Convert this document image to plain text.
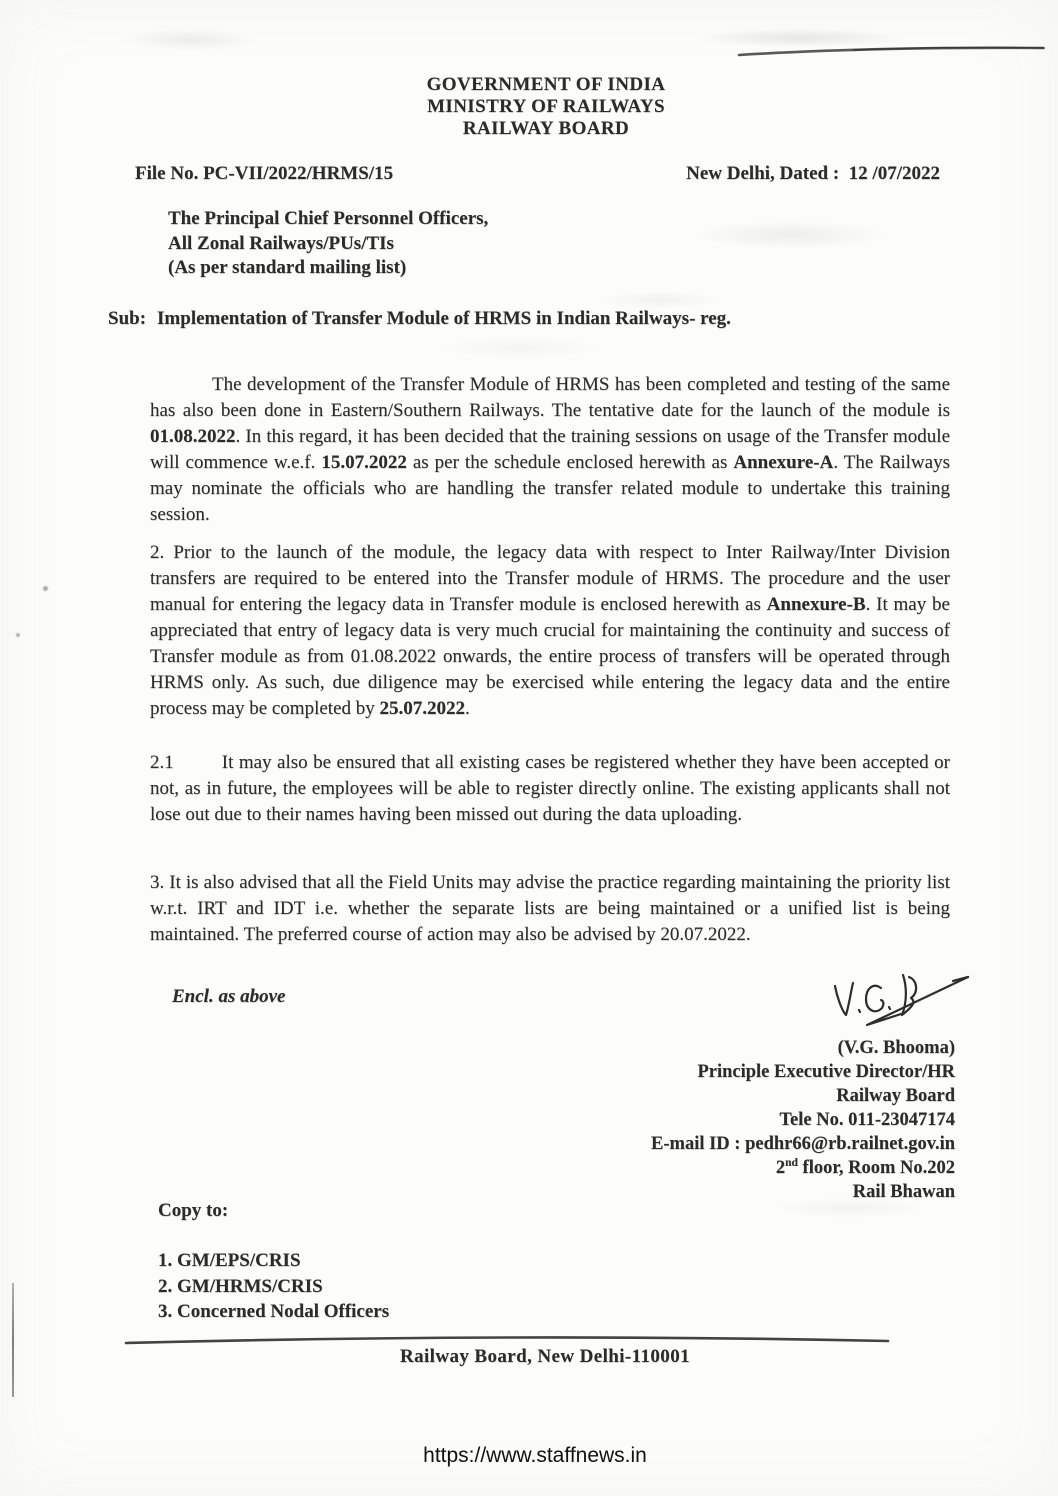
GOVERNMENT OF INDIA
MINISTRY OF RAILWAYS
RAILWAY BOARD
File No. PC-VII/2022/HRMS/15	New Delhi, Dated :  12 /07/2022
The Principal Chief Personnel Officers,
All Zonal Railways/PUs/TIs
(As per standard mailing list)
Sub: Implementation of Transfer Module of HRMS in Indian Railways- reg.

The development of the Transfer Module of HRMS has been completed and testing of the same has also been done in Eastern/Southern Railways. The tentative date for the launch of the module is 01.08.2022. In this regard, it has been decided that the training sessions on usage of the Transfer module will commence w.e.f. 15.07.2022 as per the schedule enclosed herewith as Annexure-A. The Railways may nominate the officials who are handling the transfer related module to undertake this training session.

2. Prior to the launch of the module, the legacy data with respect to Inter Railway/Inter Division transfers are required to be entered into the Transfer module of HRMS. The procedure and the user manual for entering the legacy data in Transfer module is enclosed herewith as Annexure-B. It may be appreciated that entry of legacy data is very much crucial for maintaining the continuity and success of Transfer module as from 01.08.2022 onwards, the entire process of transfers will be operated through HRMS only. As such, due diligence may be exercised while entering the legacy data and the entire process may be completed by 25.07.2022.

2.1	It may also be ensured that all existing cases be registered whether they have been accepted or not, as in future, the employees will be able to register directly online. The existing applicants shall not lose out due to their names having been missed out during the data uploading.

3. It is also advised that all the Field Units may advise the practice regarding maintaining the priority list w.r.t. IRT and IDT i.e. whether the separate lists are being maintained or a unified list is being maintained. The preferred course of action may also be advised by 20.07.2022.

Encl. as above
(V.G. Bhooma)
Principle Executive Director/HR
Railway Board
Tele No. 011-23047174
E-mail ID : pedhr66@rb.railnet.gov.in
2nd floor, Room No.202
Rail Bhawan
Copy to:
1. GM/EPS/CRIS
2. GM/HRMS/CRIS
3. Concerned Nodal Officers
Railway Board, New Delhi-110001
https://www.staffnews.in
